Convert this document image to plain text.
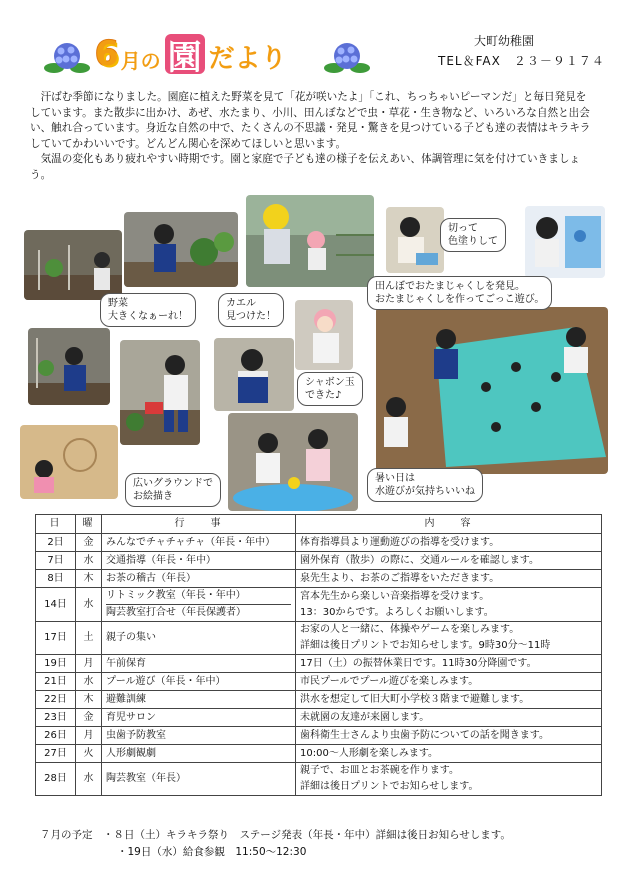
6 月の 園 だより
大町幼稚園
TEL＆FAX　２３－９１７４

汗ばむ季節になりました。園庭に植えた野菜を見て「花が咲いたよ」「これ、ちっちゃいピーマンだ」と毎日発見をしています。また散歩に出かけ、あぜ、水たまり、小川、田んぼなどで虫・草花・生き物など、いろいろな自然と出会い、触れ合っています。身近な自然の中で、たくさんの不思議・発見・驚きを見つけている子ども達の表情はキラキラしていてかわいいです。どんどん関心を深めてほしいと思います。

気温の変化もあり疲れやすい時期です。園と家庭で子ども達の様子を伝えあい、体調管理に気を付けていきましょう。

切って
色塗りして
田んぼでおたまじゃくしを発見。
おたまじゃくしを作ってごっこ遊び。
野菜
大きくなぁーれ！
カエル
見つけた！
シャボン玉
できた♪
広いグラウンドで
お絵描き
暑い日は
水遊びが気持ちいいね
日	曜	行　　事	内　　容
2日	金	みんなでチャチャチャ（年長・年中）	体育指導員より運動遊びの指導を受けます。

7日	水	交通指導（年長・年中）	園外保育（散歩）の際に、交通ルールを確認します。

8日	木	お茶の稽古（年長）	泉先生より、お茶のご指導をいただきます。

14日	水	リトミック教室（年長・年中）
陶芸教室打合せ（年長保護者）	宮本先生から楽しい音楽指導を受けます。
13：30からです。よろしくお願いします。

17日	土	親子の集い	お家の人と一緒に、体操やゲームを楽しみます。
詳細は後日プリントでお知らせします。9時30分～11時

19日	月	午前保育	17日（土）の振替休業日です。11時30分降園です。

21日	水	プール遊び（年長・年中）	市民プールでプール遊びを楽しみます。

22日	木	避難訓練	洪水を想定して旧大町小学校３階まで避難します。

23日	金	育児サロン	未就園の友達が来園します。

26日	月	虫歯予防教室	歯科衛生士さんより虫歯予防についての話を聞きます。

27日	火	人形劇観劇	10:00～人形劇を楽しみます。

28日	水	陶芸教室（年長）	親子で、お皿とお茶碗を作ります。
詳細は後日プリントでお知らせします。
７月の予定　・８日（土）キラキラ祭り　ステージ発表（年長・年中）詳細は後日お知らせします。
・19日（水）給食参観　11:50～12:30
